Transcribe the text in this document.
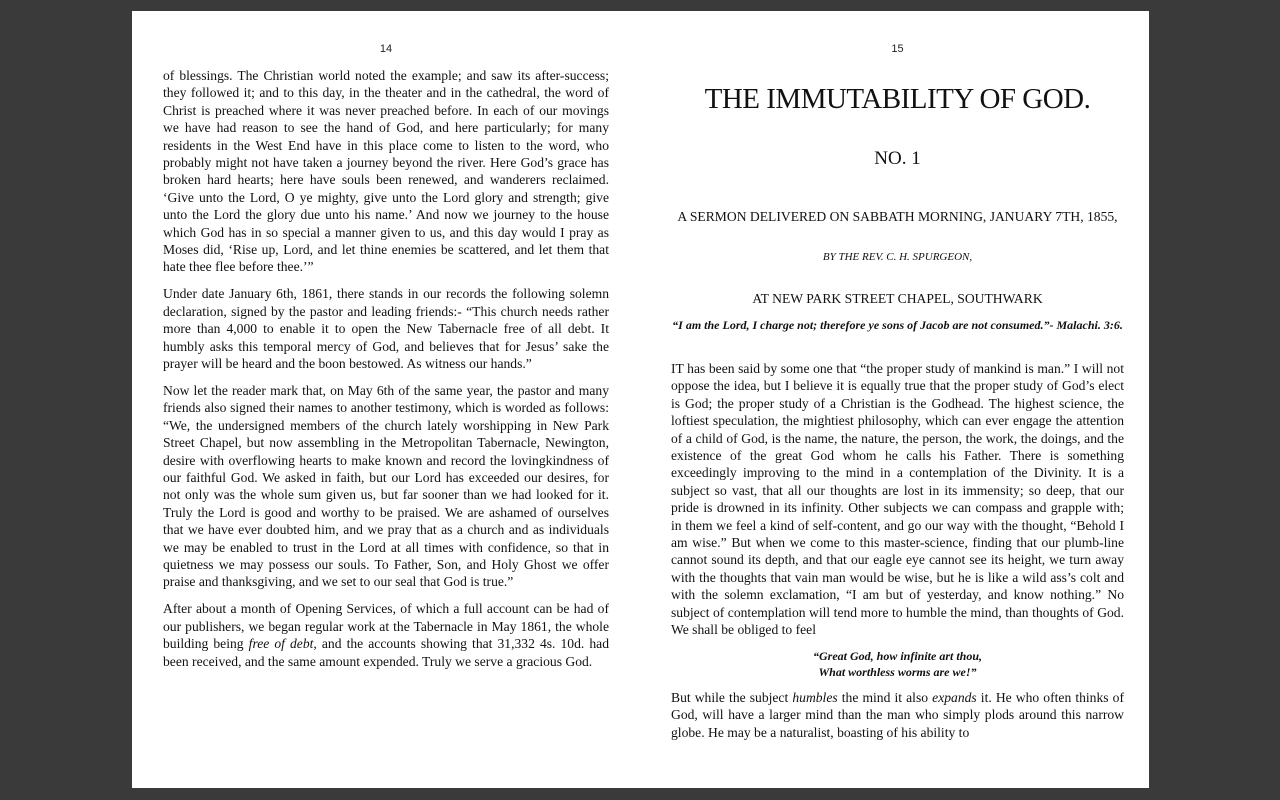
14

of blessings. The Christian world noted the example; and saw its after-success; they followed it; and to this day, in the theater and in the cathedral, the word of Christ is preached where it was never preached before. In each of our movings we have had reason to see the hand of God, and here particularly; for many residents in the West End have in this place come to listen to the word, who probably might not have taken a journey beyond the river. Here God’s grace has broken hard hearts; here have souls been renewed, and wanderers reclaimed. ‘Give unto the Lord, O ye mighty, give unto the Lord glory and strength; give unto the Lord the glory due unto his name.’ And now we journey to the house which God has in so special a manner given to us, and this day would I pray as Moses did, ‘Rise up, Lord, and let thine enemies be scattered, and let them that hate thee flee before thee.’”

Under date January 6th, 1861, there stands in our records the following solemn declaration, signed by the pastor and leading friends:- “This church needs rather more than 4,000 to enable it to open the New Tabernacle free of all debt. It humbly asks this temporal mercy of God, and believes that for Jesus’ sake the prayer will be heard and the boon bestowed. As witness our hands.”

Now let the reader mark that, on May 6th of the same year, the pastor and many friends also signed their names to another testimony, which is worded as follows: “We, the undersigned members of the church lately worshipping in New Park Street Chapel, but now assembling in the Metropolitan Tabernacle, Newington, desire with overflowing hearts to make known and record the lovingkindness of our faithful God. We asked in faith, but our Lord has exceeded our desires, for not only was the whole sum given us, but far sooner than we had looked for it. Truly the Lord is good and worthy to be praised. We are ashamed of ourselves that we have ever doubted him, and we pray that as a church and as individuals we may be enabled to trust in the Lord at all times with confidence, so that in quietness we may possess our souls. To Father, Son, and Holy Ghost we offer praise and thanksgiving, and we set to our seal that God is true.”

After about a month of Opening Services, of which a full account can be had of our publishers, we began regular work at the Tabernacle in May 1861, the whole building being free of debt, and the accounts showing that 31,332 4s. 10d. had been received, and the same amount expended. Truly we serve a gracious God.

15
THE IMMUTABILITY OF GOD.
NO. 1
A SERMON DELIVERED ON SABBATH MORNING, JANUARY 7TH, 1855,
BY THE REV. C. H. SPURGEON,
AT NEW PARK STREET CHAPEL, SOUTHWARK
“I am the Lord, I charge not; therefore ye sons of Jacob are not consumed.”- Malachi. 3:6.

IT has been said by some one that “the proper study of mankind is man.” I will not oppose the idea, but I believe it is equally true that the proper study of God’s elect is God; the proper study of a Christian is the Godhead. The highest science, the loftiest speculation, the mightiest philosophy, which can ever engage the attention of a child of God, is the name, the nature, the person, the work, the doings, and the existence of the great God whom he calls his Father. There is something exceedingly improving to the mind in a contemplation of the Divinity. It is a subject so vast, that all our thoughts are lost in its immensity; so deep, that our pride is drowned in its infinity. Other subjects we can compass and grapple with; in them we feel a kind of self-content, and go our way with the thought, “Behold I am wise.” But when we come to this master-science, finding that our plumb-line cannot sound its depth, and that our eagle eye cannot see its height, we turn away with the thoughts that vain man would be wise, but he is like a wild ass’s colt and with the solemn exclamation, “I am but of yesterday, and know nothing.” No subject of contemplation will tend more to humble the mind, than thoughts of God. We shall be obliged to feel

“Great God, how infinite art thou,
What worthless worms are we!”

But while the subject humbles the mind it also expands it. He who often thinks of God, will have a larger mind than the man who simply plods around this narrow globe. He may be a naturalist, boasting of his ability to
